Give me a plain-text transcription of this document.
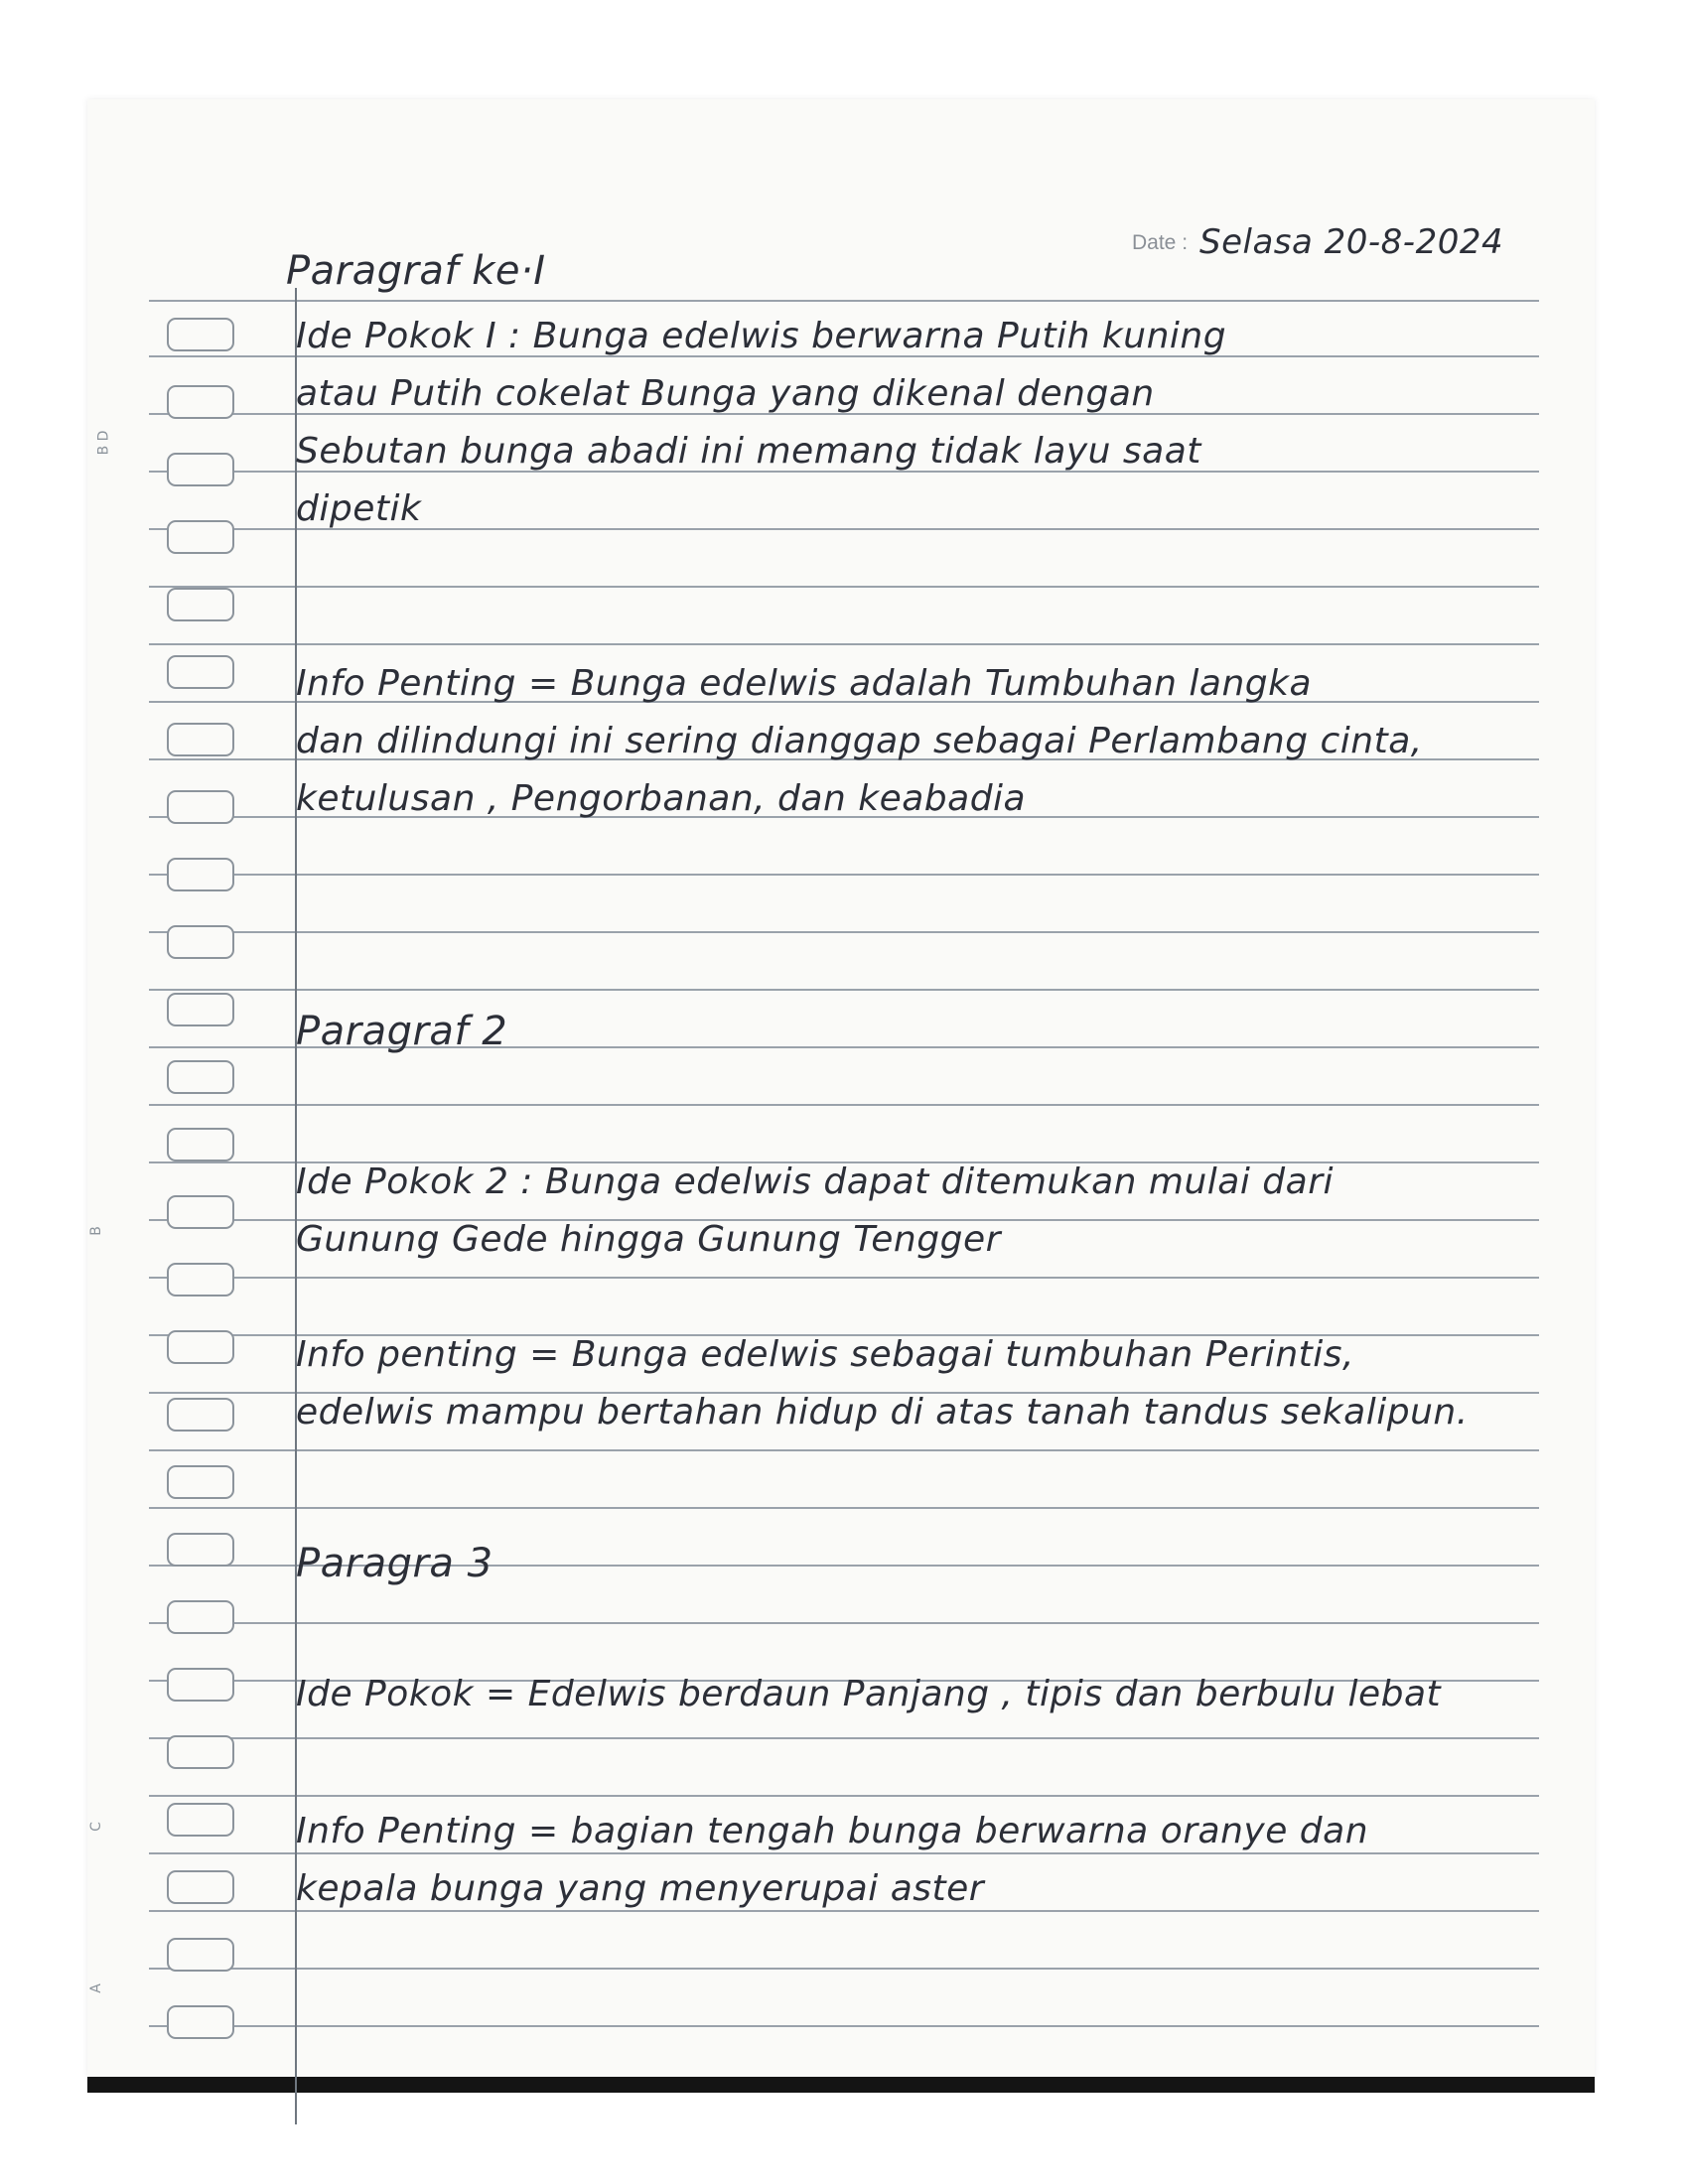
B D
B
C
A
Date : Selasa 20-8-2024

Paragraf ke·I

Ide Pokok I : Bunga edelwis berwarna Putih kuning

atau Putih cokelat Bunga yang dikenal dengan

Sebutan bunga abadi ini memang tidak layu saat

dipetik

Info Penting = Bunga edelwis adalah Tumbuhan langka

dan dilindungi ini sering dianggap sebagai Perlambang cinta,

ketulusan , Pengorbanan, dan keabadia

Paragraf 2

Ide Pokok 2 : Bunga edelwis dapat ditemukan mulai dari

Gunung Gede hingga Gunung Tengger

Info penting = Bunga edelwis sebagai tumbuhan Perintis,

edelwis mampu bertahan hidup di atas tanah tandus sekalipun.

Paragra 3

Ide Pokok = Edelwis berdaun Panjang , tipis dan berbulu lebat

Info Penting = bagian tengah bunga berwarna oranye dan

kepala bunga yang menyerupai aster
